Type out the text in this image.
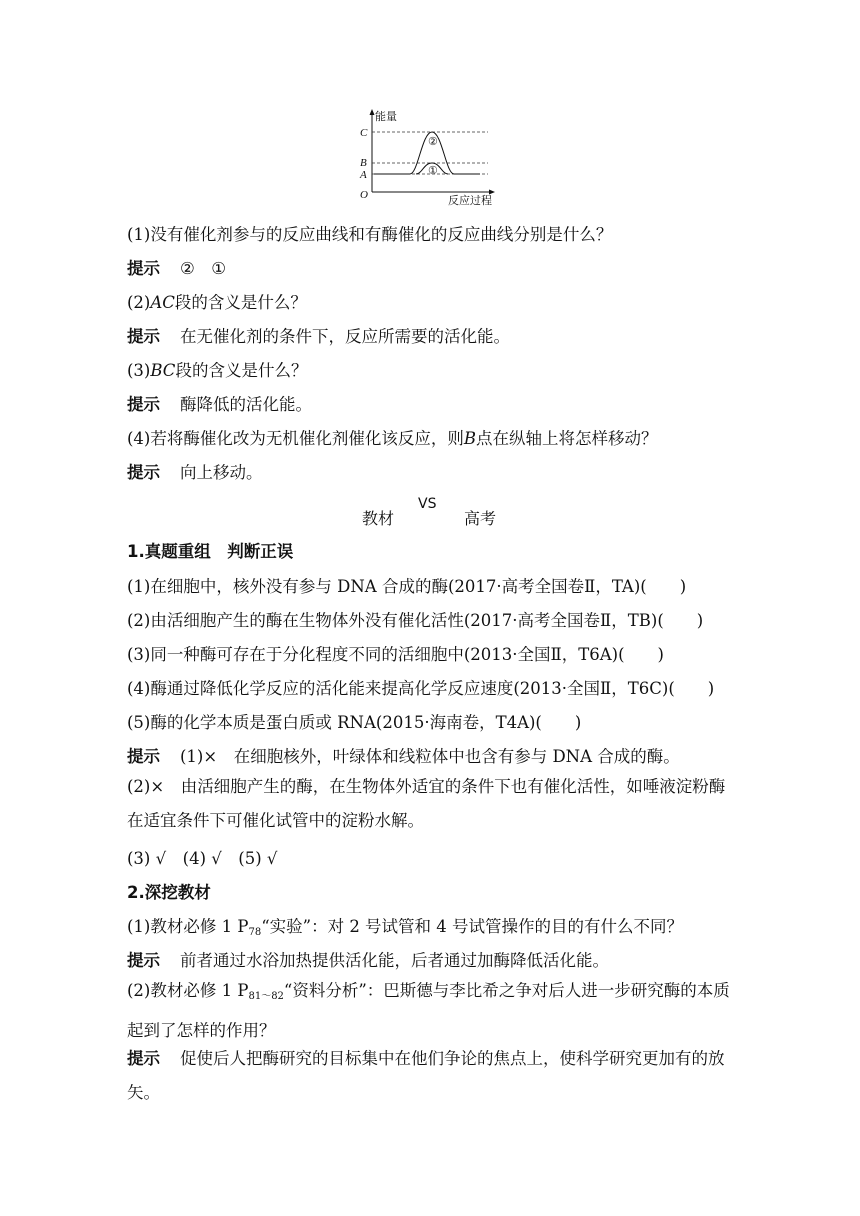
能量
C
B
A
O
②
①
反应过程
(1)没有催化剂参与的反应曲线和有酶催化的反应曲线分别是什么？
提示 ②　①
(2)AC段的含义是什么？
提示 在无催化剂的条件下，反应所需要的活化能。
(3)BC段的含义是什么？
提示 酶降低的活化能。
(4)若将酶催化改为无机催化剂催化该反应，则B点在纵轴上将怎样移动？
提示 向上移动。
教材
VS
高考
1.真题重组　判断正误
(1)在细胞中，核外没有参与 DNA 合成的酶(2017·高考全国卷Ⅱ，TA)(　　)
(2)由活细胞产生的酶在生物体外没有催化活性(2017·高考全国卷Ⅱ，TB)(　　)
(3)同一种酶可存在于分化程度不同的活细胞中(2013·全国Ⅱ，T6A)(　　)
(4)酶通过降低化学反应的活化能来提高化学反应速度(2013·全国Ⅱ，T6C)(　　)
(5)酶的化学本质是蛋白质或 RNA(2015·海南卷，T4A)(　　)
提示 (1)×　在细胞核外，叶绿体和线粒体中也含有参与 DNA 合成的酶。
(2)×　由活细胞产生的酶，在生物体外适宜的条件下也有催化活性，如唾液淀粉酶在适宜条件下可催化试管中的淀粉水解。
(3) √　(4) √　(5) √
2.深挖教材
(1)教材必修 1 $P_{78}“$实验”：对 2 号试管和 4 号试管操作的目的有什么不同？
提示 前者通过水浴加热提供活化能，后者通过加酶降低活化能。
(2)教材必修 1 $P_{81\sim 82}“$资料分析”：巴斯德与李比希之争对后人进一步研究酶的本质起到了怎样的作用？
提示 促使后人把酶研究的目标集中在他们争论的焦点上，使科学研究更加有的放矢。
